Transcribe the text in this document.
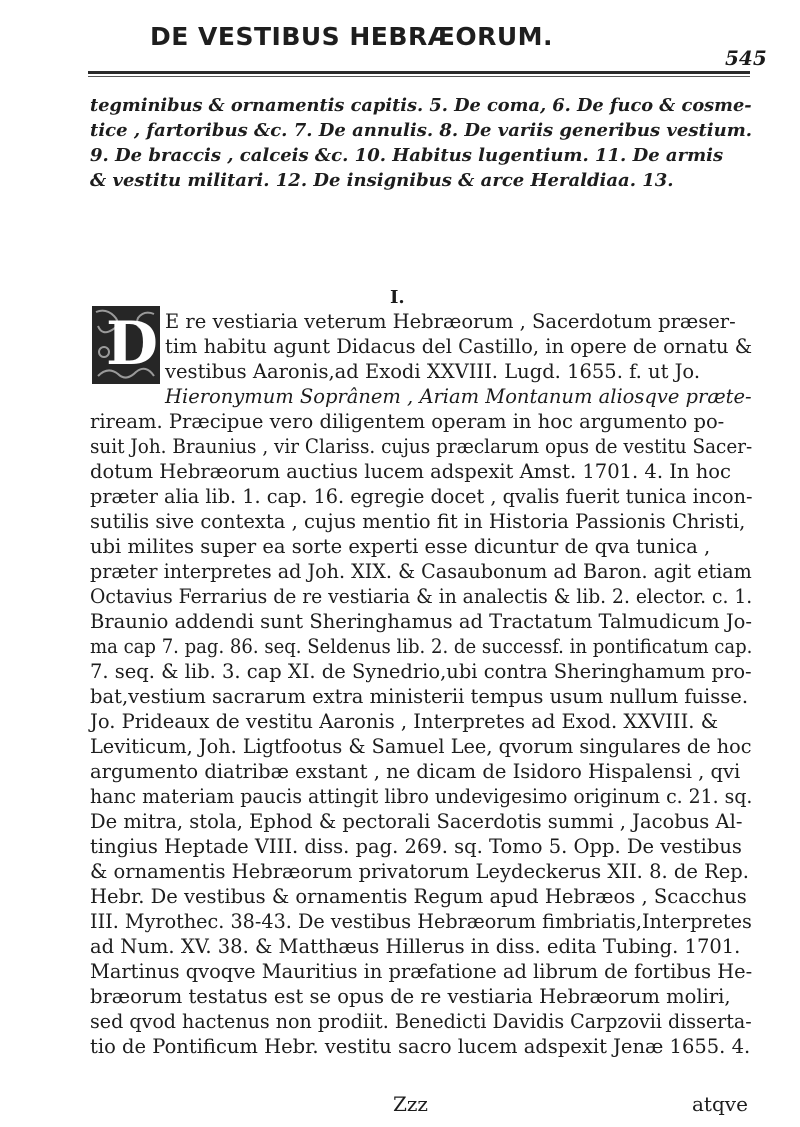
DE VESTIBUS HEBRÆORUM.
545
tegminibus & ornamentis capitis. 5. De coma, 6. De fuco & cosme-
tice , fartoribus &c. 7. De annulis. 8. De variis generibus vestium.
9. De braccis , calceis &c. 10. Habitus lugentium. 11. De armis
& vestitu militari. 12. De insignibus & arce Heraldiaa. 13.
I.
D E re vestiaria veterum Hebræorum , Sacerdotum præser-
tim habitu agunt Didacus del Castillo, in opere de ornatu &
vestibus Aaronis,ad Exodi XXVIII. Lugd. 1655. f. ut Jo.
Hieronymum Soprânem , Ariam Montanum aliosqve præte-
riream. Præcipue vero diligentem operam in hoc argumento po-
suit Joh. Braunius , vir Clariss. cujus præclarum opus de vestitu Sacer-
dotum Hebræorum auctius lucem adspexit Amst. 1701. 4. In hoc
præter alia lib. 1. cap. 16. egregie docet , qvalis fuerit tunica incon-
sutilis sive contexta , cujus mentio fit in Historia Passionis Christi,
ubi milites super ea sorte experti esse dicuntur de qva tunica ,
præter interpretes ad Joh. XIX. & Casaubonum ad Baron. agit etiam
Octavius Ferrarius de re vestiaria & in analectis & lib. 2. elector. c. 1.
Braunio addendi sunt Sheringhamus ad Tractatum Talmudicum Jo-
ma cap 7. pag. 86. seq. Seldenus lib. 2. de successf. in pontificatum cap.
7. seq. & lib. 3. cap XI. de Synedrio,ubi contra Sheringhamum pro-
bat,vestium sacrarum extra ministerii tempus usum nullum fuisse.
Jo. Prideaux de vestitu Aaronis , Interpretes ad Exod. XXVIII. &
Leviticum, Joh. Ligtfootus & Samuel Lee, qvorum singulares de hoc
argumento diatribæ exstant , ne dicam de Isidoro Hispalensi , qvi
hanc materiam paucis attingit libro undevigesimo originum c. 21. sq.
De mitra, stola, Ephod & pectorali Sacerdotis summi , Jacobus Al-
tingius Heptade VIII. diss. pag. 269. sq. Tomo 5. Opp. De vestibus
& ornamentis Hebræorum privatorum Leydeckerus XII. 8. de Rep.
Hebr. De vestibus & ornamentis Regum apud Hebræos , Scacchus
III. Myrothec. 38-43. De vestibus Hebræorum fimbriatis,Interpretes
ad Num. XV. 38. & Matthæus Hillerus in diss. edita Tubing. 1701.
Martinus qvoqve Mauritius in præfatione ad librum de fortibus He-
bræorum testatus est se opus de re vestiaria Hebræorum moliri,
sed qvod hactenus non prodiit. Benedicti Davidis Carpzovii disserta-
tio de Pontificum Hebr. vestitu sacro lucem adspexit Jenæ 1655. 4.
Zzz	atqve
